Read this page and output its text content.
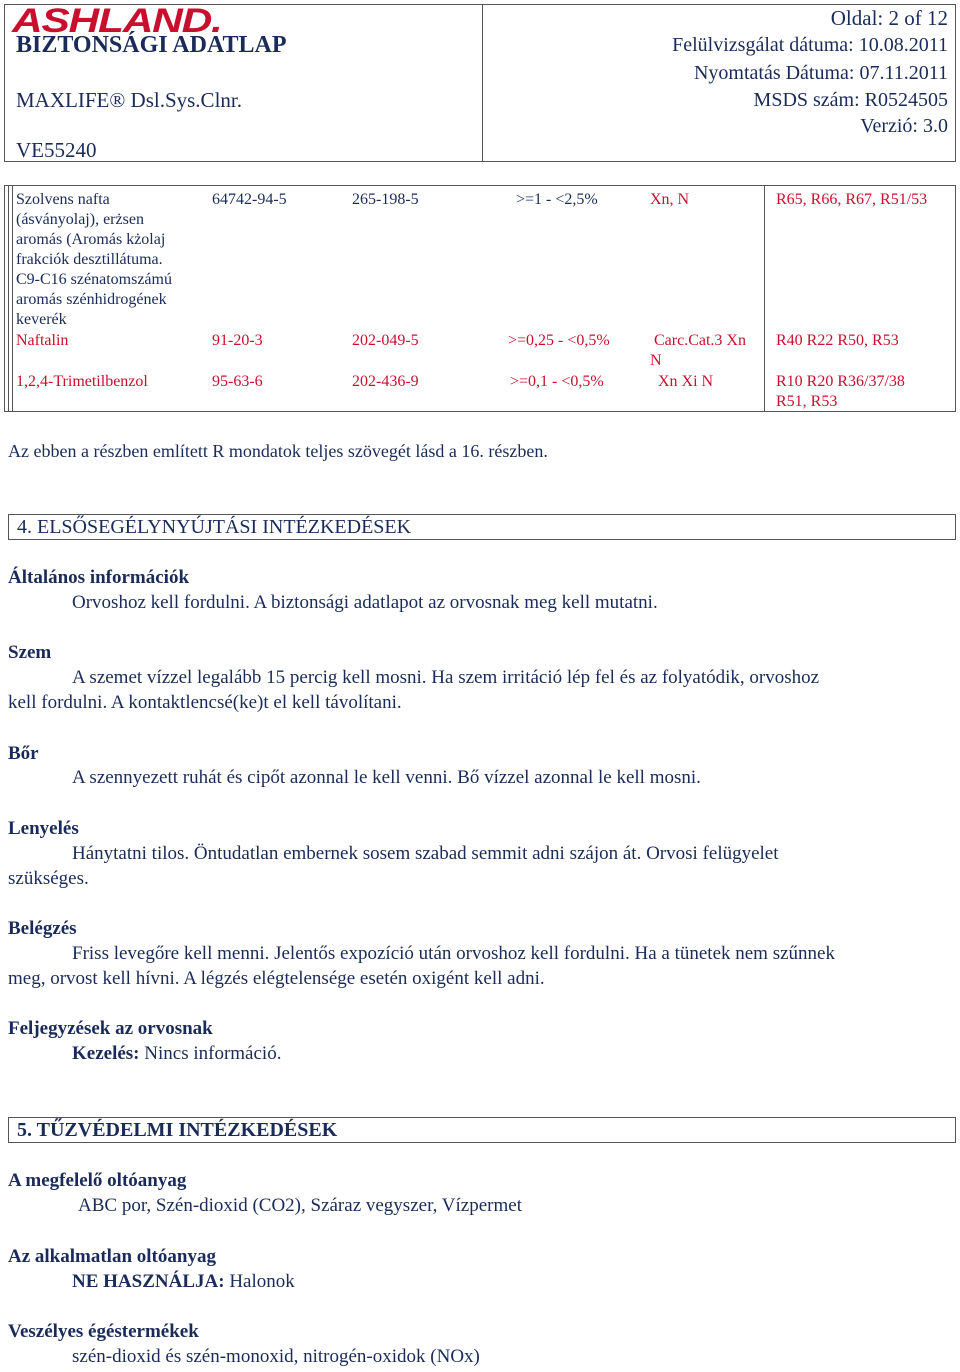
ASHLAND.
BIZTONSÁGI ADATLAP
MAXLIFE® Dsl.Sys.Clnr.
VE55240
Oldal: 2 of 12
Felülvizsgálat dátuma: 10.08.2011
Nyomtatás Dátuma: 07.11.2011
MSDS szám: R0524505
Verzió: 3.0
Szolvens nafta
(ásványolaj), erżsen
aromás (Aromás kżolaj
frakciók desztillátuma.
C9-C16 szénatomszámú
aromás szénhidrogének
keverék
64742-94-5	265-198-5	>=1 - <2,5%	Xn, N	R65, R66, R67, R51/53
Naftalin	91-20-3	202-049-5	>=0,25 - <0,5%	Carc.Cat.3 Xn
N
R40 R22 R50, R53
1,2,4-Trimetilbenzol	95-63-6	202-436-9	>=0,1 - <0,5%	Xn Xi N	R10 R20 R36/37/38
R51, R53
Az ebben a részben említett R mondatok teljes szövegét lásd a 16. részben.
4. ELSŐSEGÉLYNYÚJTÁSI INTÉZKEDÉSEK
Általános információk
Orvoshoz kell fordulni. A biztonsági adatlapot az orvosnak meg kell mutatni.
Szem
A szemet vízzel legalább 15 percig kell mosni. Ha szem irritáció lép fel és az folyatódik, orvoshoz
kell fordulni. A kontaktlencsé(ke)t el kell távolítani.
Bőr
A szennyezett ruhát és cipőt azonnal le kell venni. Bő vízzel azonnal le kell mosni.
Lenyelés
Hánytatni tilos. Öntudatlan embernek sosem szabad semmit adni szájon át. Orvosi felügyelet
szükséges.
Belégzés
Friss levegőre kell menni. Jelentős expozíció után orvoshoz kell fordulni. Ha a tünetek nem szűnnek
meg, orvost kell hívni. A légzés elégtelensége esetén oxigént kell adni.
Feljegyzések az orvosnak
Kezelés: Nincs információ.
5. TŰZVÉDELMI INTÉZKEDÉSEK
A megfelelő oltóanyag
ABC por, Szén-dioxid (CO2), Száraz vegyszer, Vízpermet
Az alkalmatlan oltóanyag
NE HASZNÁLJA: Halonok
Veszélyes égéstermékek
szén-dioxid és szén-monoxid, nitrogén-oxidok (NOx)
